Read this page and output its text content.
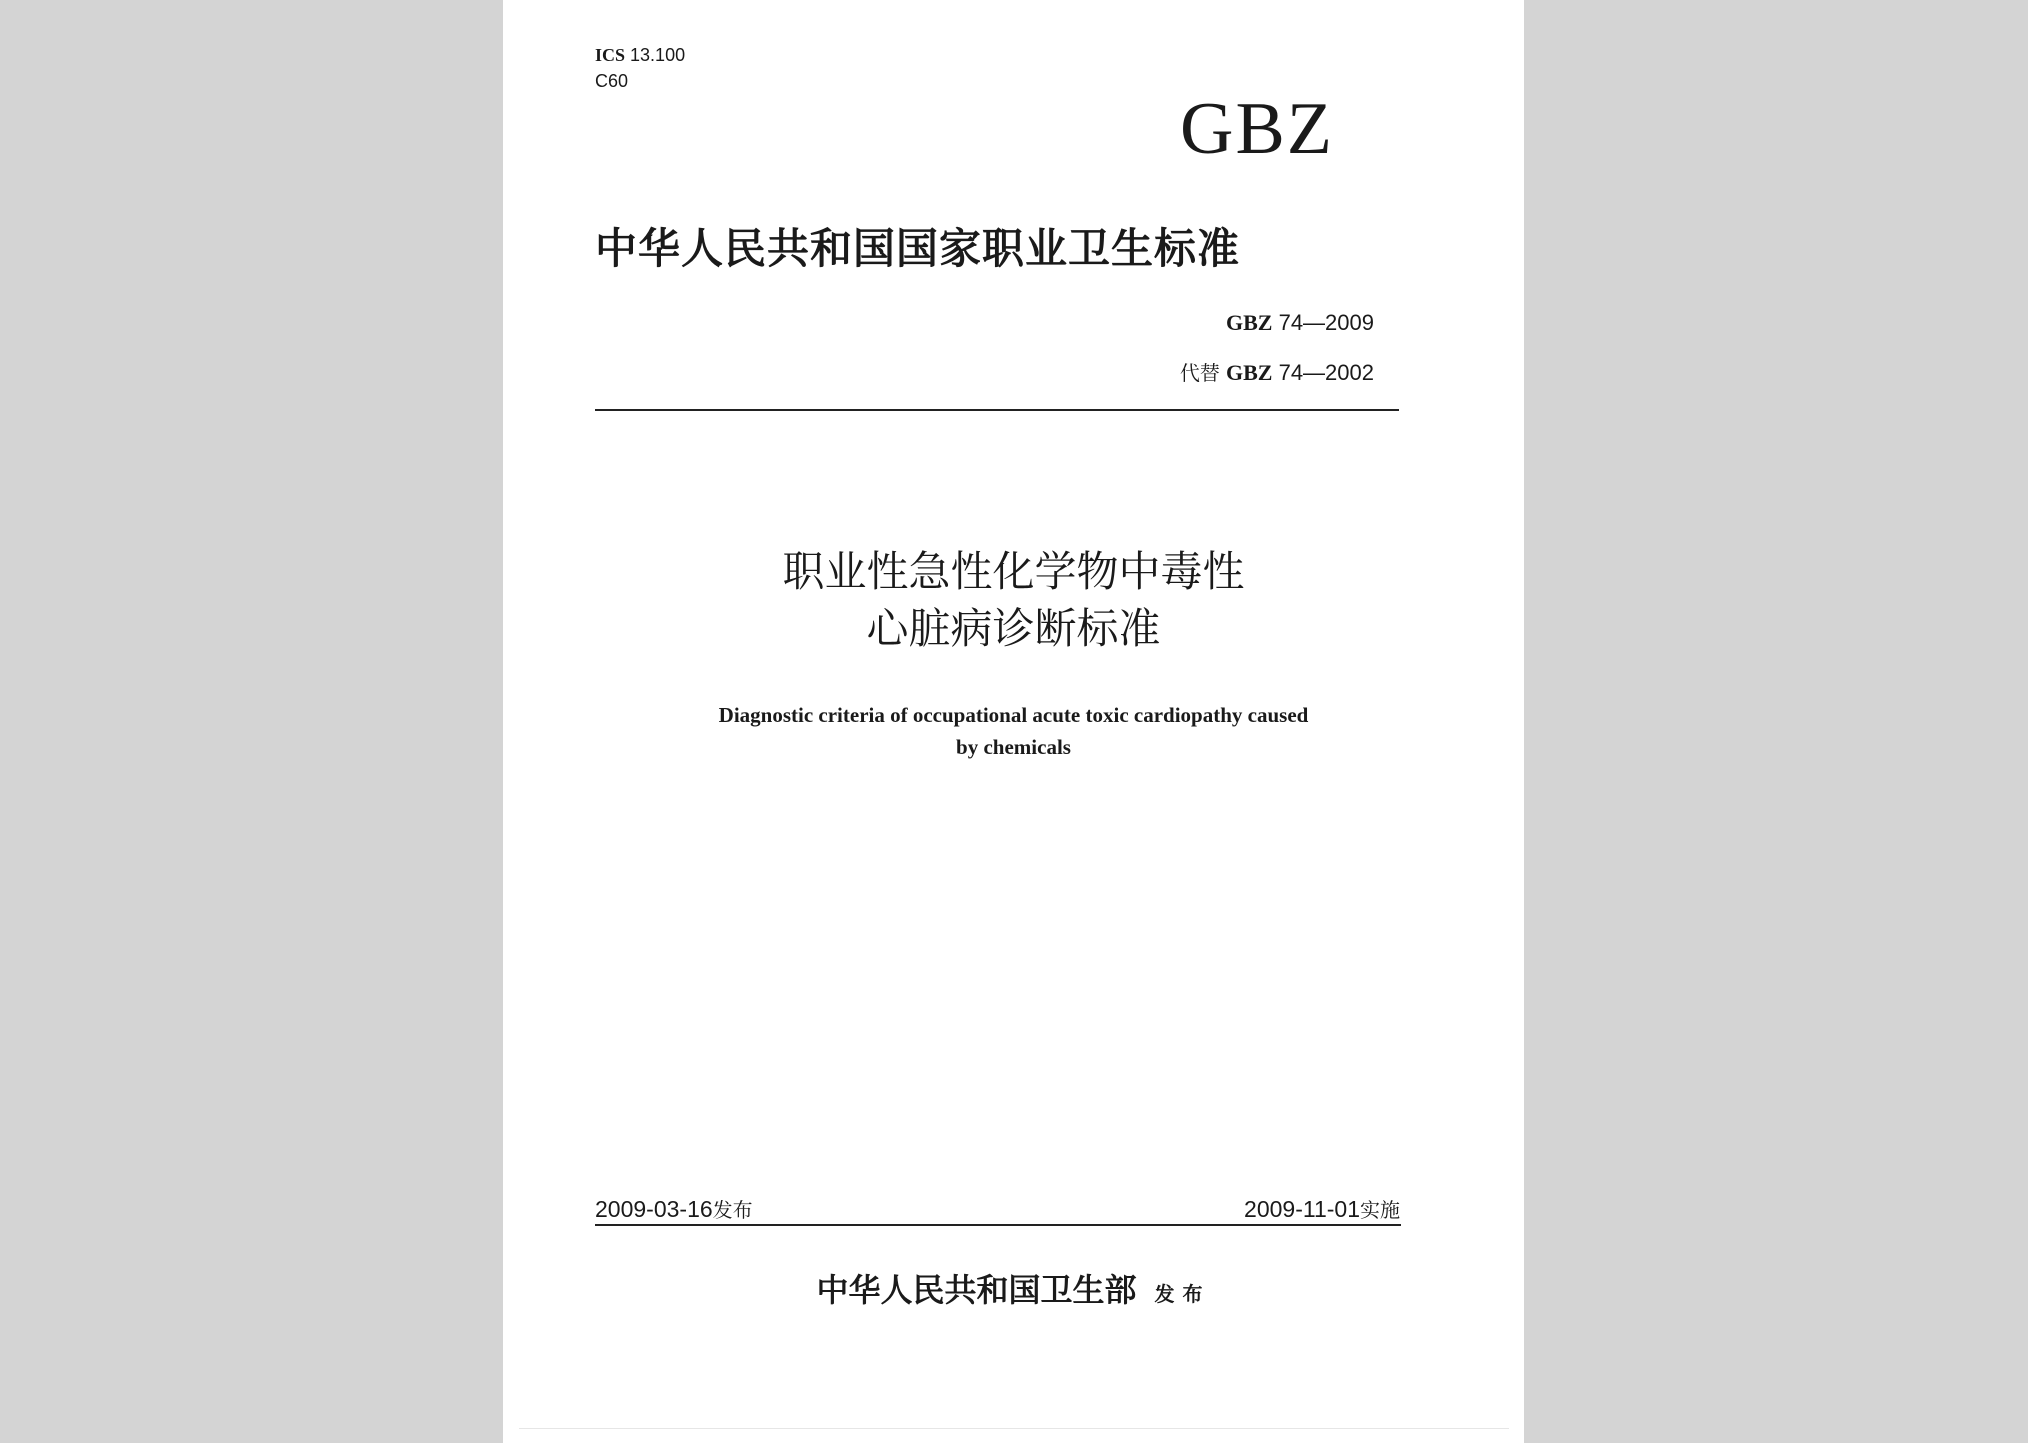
ICS 13.100
C60
GBZ
中华人民共和国国家职业卫生标准
GBZ 74—2009
代替 GBZ 74—2002
职业性急性化学物中毒性
心脏病诊断标准
Diagnostic criteria of occupational acute toxic cardiopathy caused
by chemicals
2009-03-16发布	2009-11-01实施
中华人民共和国卫生部 发布
